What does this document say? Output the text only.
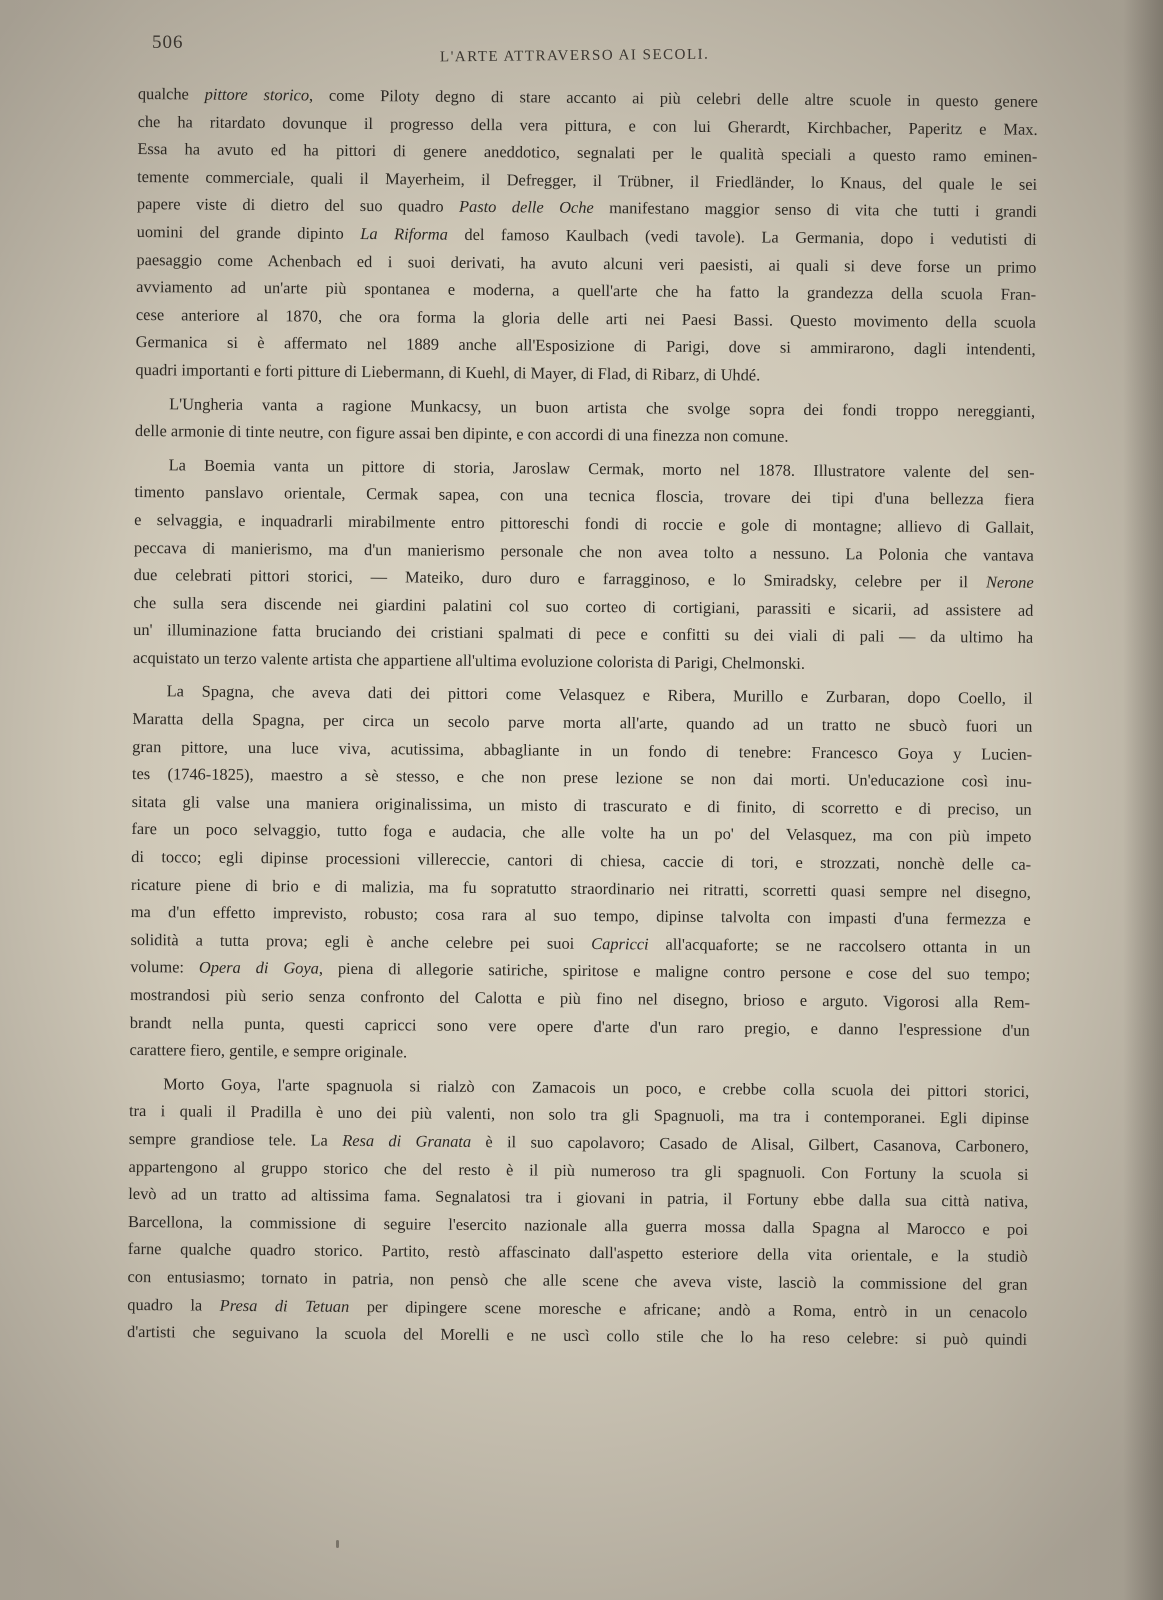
506
L'ARTE ATTRAVERSO AI SECOLI.
qualche pittore storico, come Piloty degno di stare accanto ai più celebri delle altre scuole in questo genere
che ha ritardato dovunque il progresso della vera pittura, e con lui Gherardt, Kirchbacher, Paperitz e Max.
Essa ha avuto ed ha pittori di genere aneddotico, segnalati per le qualità speciali a questo ramo eminen-
temente commerciale, quali il Mayerheim, il Defregger, il Trübner, il Friedländer, lo Knaus, del quale le sei
papere viste di dietro del suo quadro Pasto delle Oche manifestano maggior senso di vita che tutti i grandi
uomini del grande dipinto La Riforma del famoso Kaulbach (vedi tavole). La Germania, dopo i vedutisti di
paesaggio come Achenbach ed i suoi derivati, ha avuto alcuni veri paesisti, ai quali si deve forse un primo
avviamento ad un'arte più spontanea e moderna, a quell'arte che ha fatto la grandezza della scuola Fran-
cese anteriore al 1870, che ora forma la gloria delle arti nei Paesi Bassi. Questo movimento della scuola
Germanica si è affermato nel 1889 anche all'Esposizione di Parigi, dove si ammirarono, dagli intendenti,
quadri importanti e forti pitture di Liebermann, di Kuehl, di Mayer, di Flad, di Ribarz, di Uhdé.
L'Ungheria vanta a ragione Munkacsy, un buon artista che svolge sopra dei fondi troppo nereggianti,
delle armonie di tinte neutre, con figure assai ben dipinte, e con accordi di una finezza non comune.
La Boemia vanta un pittore di storia, Jaroslaw Cermak, morto nel 1878. Illustratore valente del sen-
timento panslavo orientale, Cermak sapea, con una tecnica floscia, trovare dei tipi d'una bellezza fiera
e selvaggia, e inquadrarli mirabilmente entro pittoreschi fondi di roccie e gole di montagne; allievo di Gallait,
peccava di manierismo, ma d'un manierismo personale che non avea tolto a nessuno. La Polonia che vantava
due celebrati pittori storici, — Mateiko, duro duro e farragginoso, e lo Smiradsky, celebre per il Nerone
che sulla sera discende nei giardini palatini col suo corteo di cortigiani, parassiti e sicarii, ad assistere ad
un' illuminazione fatta bruciando dei cristiani spalmati di pece e confitti su dei viali di pali — da ultimo ha
acquistato un terzo valente artista che appartiene all'ultima evoluzione colorista di Parigi, Chelmonski.
La Spagna, che aveva dati dei pittori come Velasquez e Ribera, Murillo e Zurbaran, dopo Coello, il
Maratta della Spagna, per circa un secolo parve morta all'arte, quando ad un tratto ne sbucò fuori un
gran pittore, una luce viva, acutissima, abbagliante in un fondo di tenebre: Francesco Goya y Lucien-
tes (1746-1825), maestro a sè stesso, e che non prese lezione se non dai morti. Un'educazione così inu-
sitata gli valse una maniera originalissima, un misto di trascurato e di finito, di scorretto e di preciso, un
fare un poco selvaggio, tutto foga e audacia, che alle volte ha un po' del Velasquez, ma con più impeto
di tocco; egli dipinse processioni villereccie, cantori di chiesa, caccie di tori, e strozzati, nonchè delle ca-
ricature piene di brio e di malizia, ma fu sopratutto straordinario nei ritratti, scorretti quasi sempre nel disegno,
ma d'un effetto imprevisto, robusto; cosa rara al suo tempo, dipinse talvolta con impasti d'una fermezza e
solidità a tutta prova; egli è anche celebre pei suoi Capricci all'acquaforte; se ne raccolsero ottanta in un
volume: Opera di Goya, piena di allegorie satiriche, spiritose e maligne contro persone e cose del suo tempo;
mostrandosi più serio senza confronto del Calotta e più fino nel disegno, brioso e arguto. Vigorosi alla Rem-
brandt nella punta, questi capricci sono vere opere d'arte d'un raro pregio, e danno l'espressione d'un
carattere fiero, gentile, e sempre originale.
Morto Goya, l'arte spagnuola si rialzò con Zamacois un poco, e crebbe colla scuola dei pittori storici,
tra i quali il Pradilla è uno dei più valenti, non solo tra gli Spagnuoli, ma tra i contemporanei. Egli dipinse
sempre grandiose tele. La Resa di Granata è il suo capolavoro; Casado de Alisal, Gilbert, Casanova, Carbonero,
appartengono al gruppo storico che del resto è il più numeroso tra gli spagnuoli. Con Fortuny la scuola si
levò ad un tratto ad altissima fama. Segnalatosi tra i giovani in patria, il Fortuny ebbe dalla sua città nativa,
Barcellona, la commissione di seguire l'esercito nazionale alla guerra mossa dalla Spagna al Marocco e poi
farne qualche quadro storico. Partito, restò affascinato dall'aspetto esteriore della vita orientale, e la studiò
con entusiasmo; tornato in patria, non pensò che alle scene che aveva viste, lasciò la commissione del gran
quadro la Presa di Tetuan per dipingere scene moresche e africane; andò a Roma, entrò in un cenacolo
d'artisti che seguivano la scuola del Morelli e ne uscì collo stile che lo ha reso celebre: si può quindi
